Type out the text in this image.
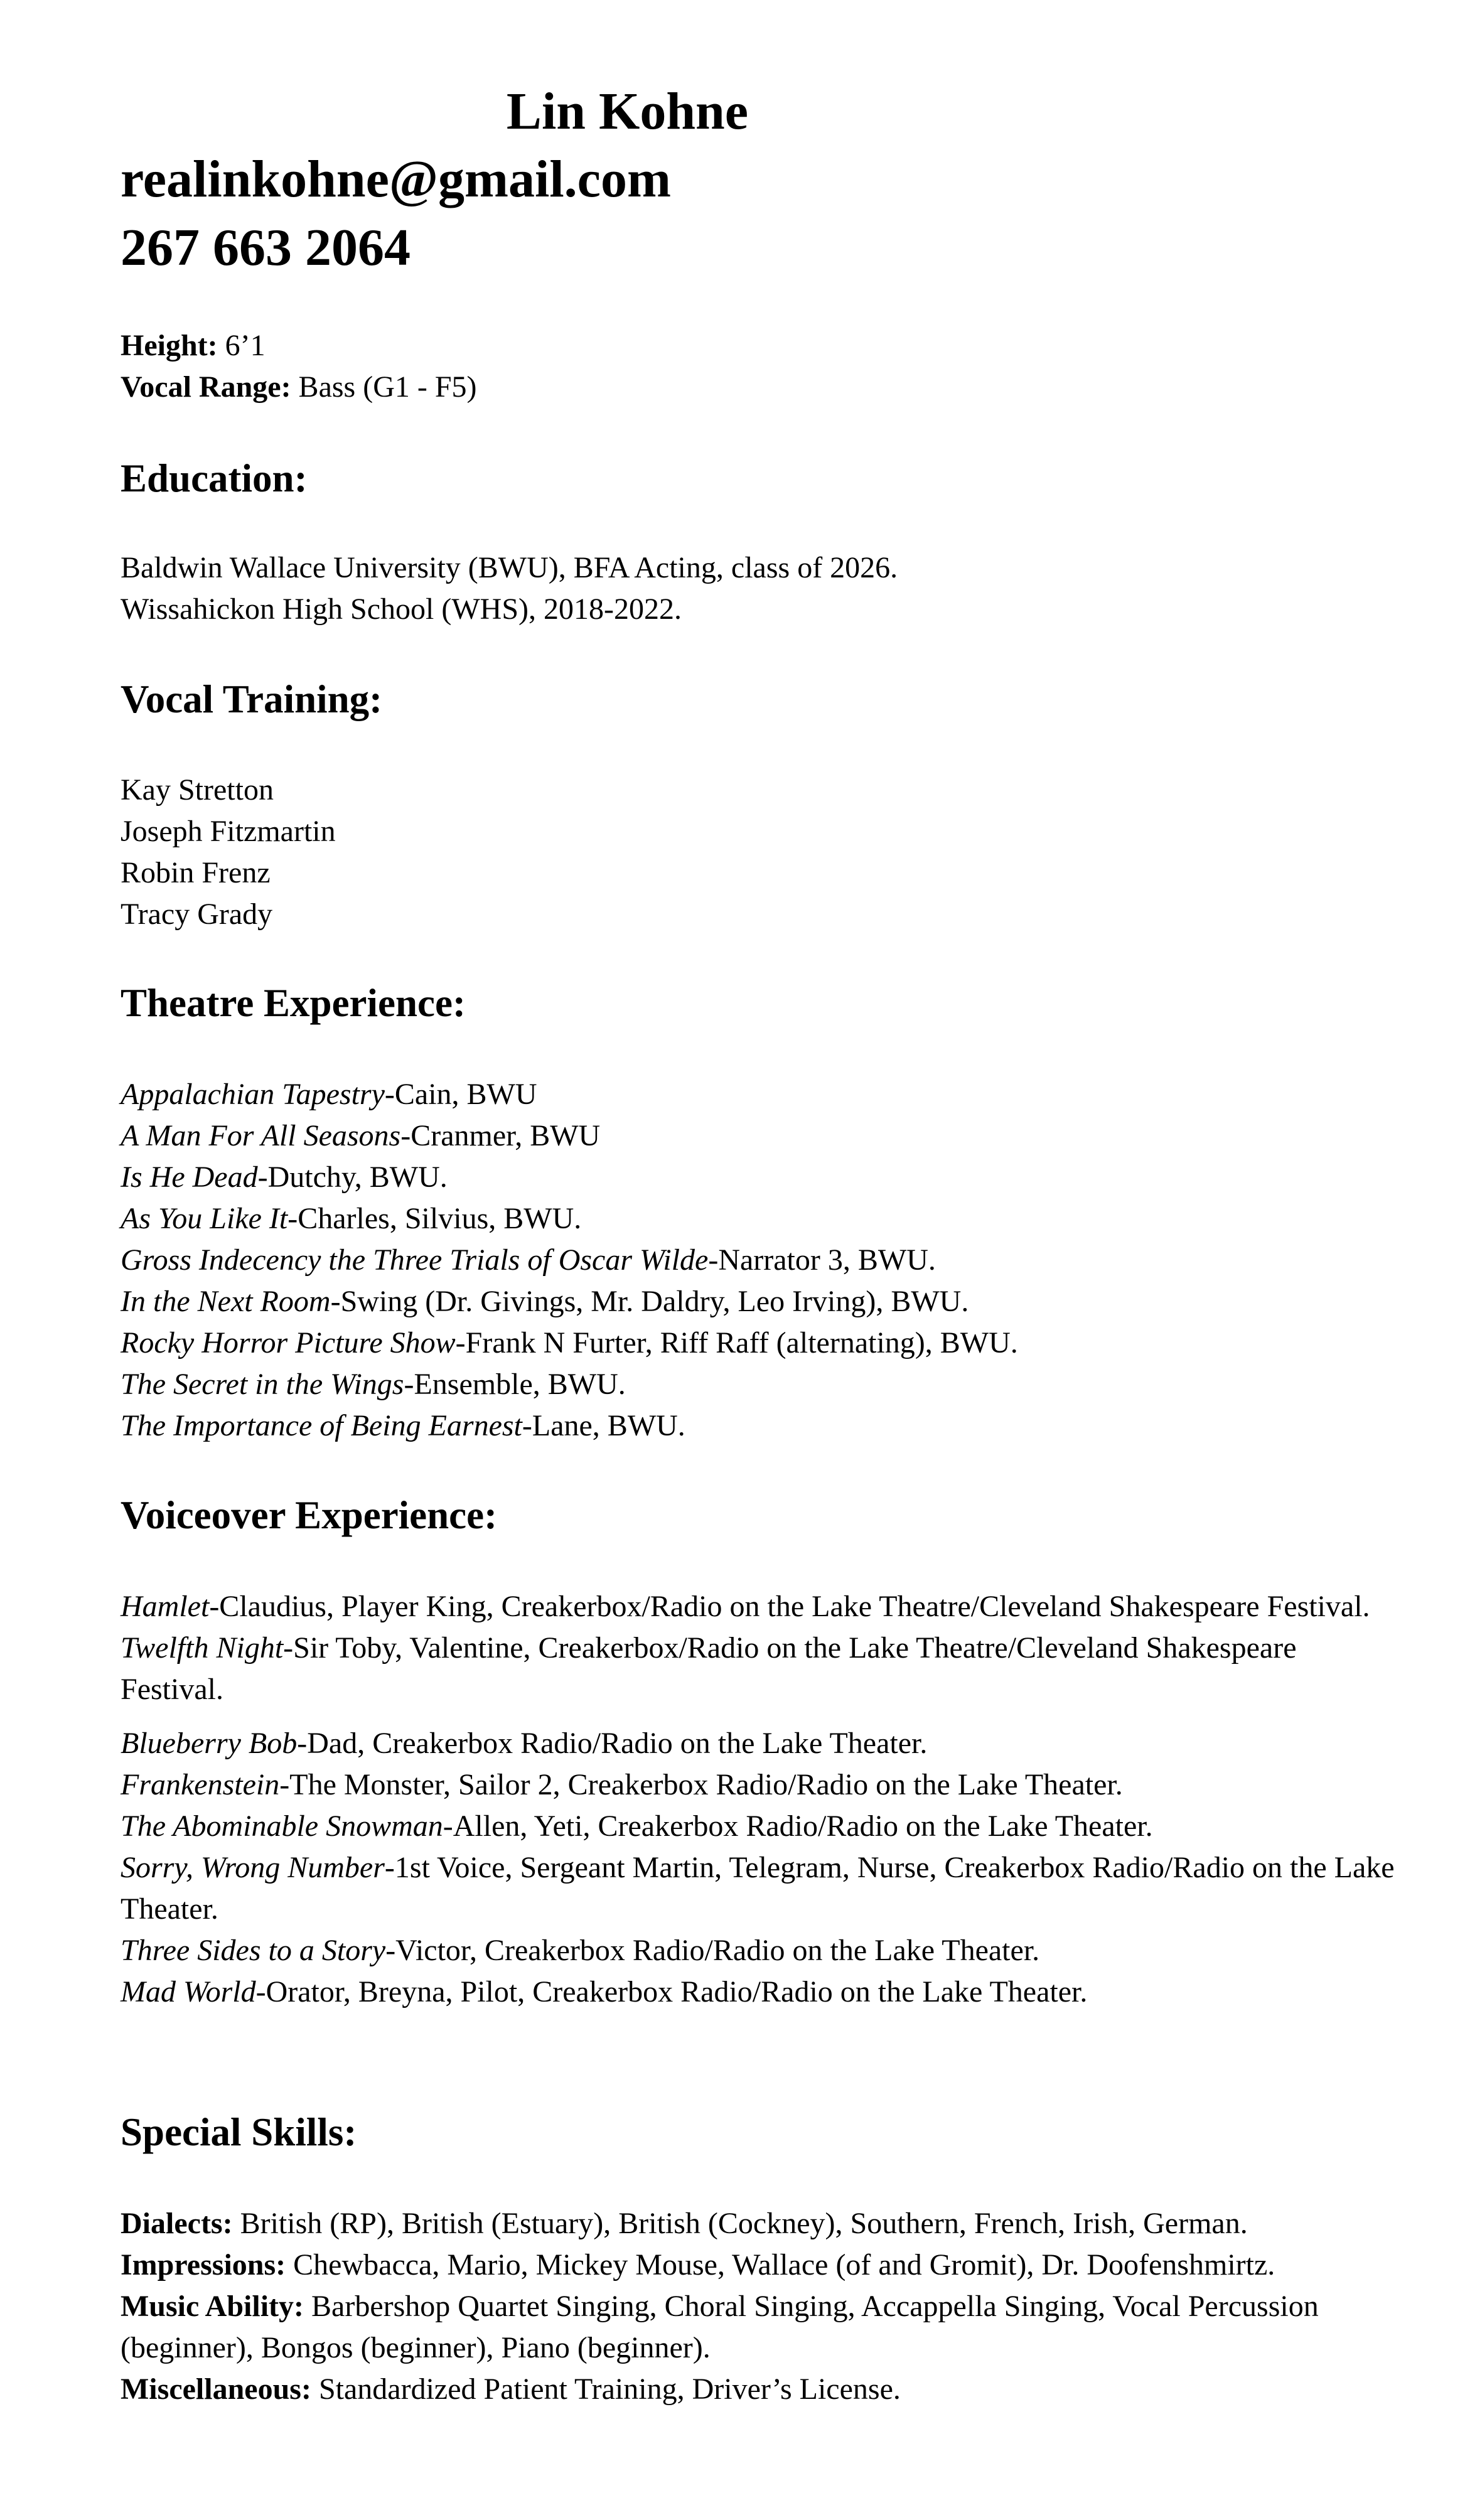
Lin Kohne
realinkohne@gmail.com
267 663 2064
Height: 6’1
Vocal Range: Bass (G1 - F5)
Education:
Baldwin Wallace University (BWU), BFA Acting, class of 2026.
Wissahickon High School (WHS), 2018-2022.
Vocal Training:
Kay Stretton
Joseph Fitzmartin
Robin Frenz
Tracy Grady
Theatre Experience:
Appalachian Tapestry-Cain, BWU
A Man For All Seasons-Cranmer, BWU
Is He Dead-Dutchy, BWU.
As You Like It-Charles, Silvius, BWU.
Gross Indecency the Three Trials of Oscar Wilde-Narrator 3, BWU.
In the Next Room-Swing (Dr. Givings, Mr. Daldry, Leo Irving), BWU.
Rocky Horror Picture Show-Frank N Furter, Riff Raff (alternating), BWU.
The Secret in the Wings-Ensemble, BWU.
The Importance of Being Earnest-Lane, BWU.
Voiceover Experience:
Hamlet-Claudius, Player King, Creakerbox/Radio on the Lake Theatre/Cleveland Shakespeare Festival.
Twelfth Night-Sir Toby, Valentine, Creakerbox/Radio on the Lake Theatre/Cleveland Shakespeare Festival.
Blueberry Bob-Dad, Creakerbox Radio/Radio on the Lake Theater.
Frankenstein-The Monster, Sailor 2, Creakerbox Radio/Radio on the Lake Theater.
The Abominable Snowman-Allen, Yeti, Creakerbox Radio/Radio on the Lake Theater.
Sorry, Wrong Number-1st Voice, Sergeant Martin, Telegram, Nurse, Creakerbox Radio/Radio on the Lake Theater.
Three Sides to a Story-Victor, Creakerbox Radio/Radio on the Lake Theater.
Mad World-Orator, Breyna, Pilot, Creakerbox Radio/Radio on the Lake Theater.
Special Skills:
Dialects: British (RP), British (Estuary), British (Cockney), Southern, French, Irish, German.
Impressions: Chewbacca, Mario, Mickey Mouse, Wallace (of and Gromit), Dr. Doofenshmirtz.
Music Ability: Barbershop Quartet Singing, Choral Singing, Accappella Singing, Vocal Percussion (beginner), Bongos (beginner), Piano (beginner).
Miscellaneous: Standardized Patient Training, Driver’s License.
